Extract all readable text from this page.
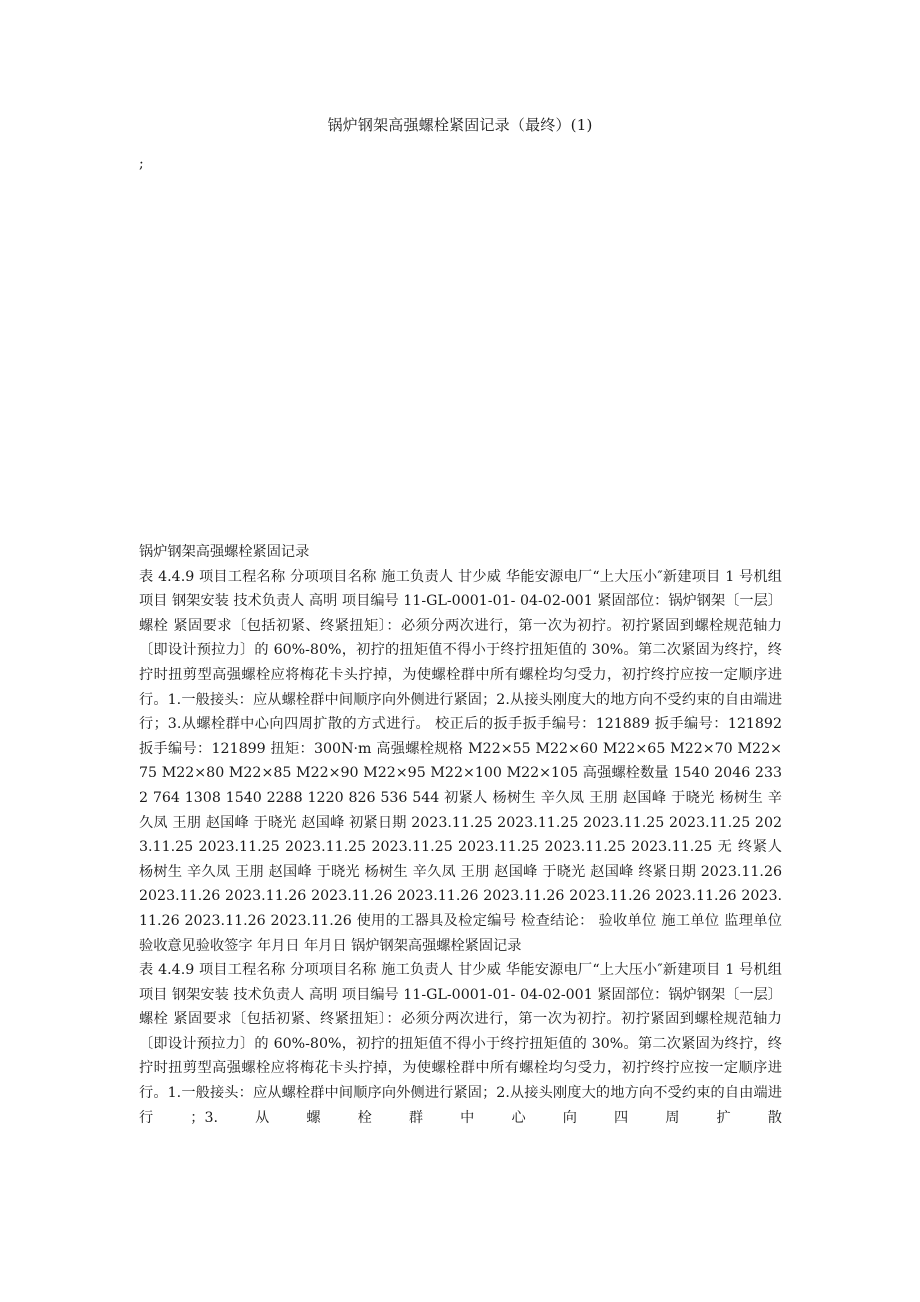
锅炉钢架高强螺栓紧固记录（最终）(1)
;
锅炉钢架高强螺栓紧固记录

表 4.4.9 项目工程名称 分项项目名称 施工负责人 甘少威 华能安源电厂“上大压小″新建项目 1 号机组项目 钢架安装 技术负责人 高明 项目编号 11-GL-0001-01- 04-02-001 紧固部位：锅炉钢架〔一层〕螺栓 紧固要求〔包括初紧、终紧扭矩〕：必须分两次进行，第一次为初拧。初拧紧固到螺栓规范轴力〔即设计预拉力〕的 60%-80%，初拧的扭矩值不得小于终拧扭矩值的 30%。第二次紧固为终拧，终拧时扭剪型高强螺栓应将梅花卡头拧掉，为使螺栓群中所有螺栓均匀受力，初拧终拧应按一定顺序进行。1.一般接头：应从螺栓群中间顺序向外侧进行紧固；2.从接头刚度大的地方向不受约束的自由端进行；3.从螺栓群中心向四周扩散的方式进行。 校正后的扳手扳手编号：121889 扳手编号：121892 扳手编号：121899 扭矩：300N·m 高强螺栓规格 M22×55 M22×60 M22×65 M22×70 M22×75 M22×80 M22×85 M22×90 M22×95 M22×100 M22×105 高强螺栓数量 1540 2046 2332 764 1308 1540 2288 1220 826 536 544 初紧人 杨树生 辛久凤 王朋 赵国峰 于晓光 杨树生 辛久凤 王朋 赵国峰 于晓光 赵国峰 初紧日期 2023.11.25 2023.11.25 2023.11.25 2023.11.25 2023.11.25 2023.11.25 2023.11.25 2023.11.25 2023.11.25 2023.11.25 2023.11.25 无 终紧人 杨树生 辛久凤 王朋 赵国峰 于晓光 杨树生 辛久凤 王朋 赵国峰 于晓光 赵国峰 终紧日期 2023.11.26 2023.11.26 2023.11.26 2023.11.26 2023.11.26 2023.11.26 2023.11.26 2023.11.26 2023.11.26 2023.11.26 2023.11.26 使用的工器具及检定编号 检查结论： 验收单位 施工单位 监理单位 验收意见验收签字 年月日 年月日 锅炉钢架高强螺栓紧固记录

表 4.4.9 项目工程名称 分项项目名称 施工负责人 甘少威 华能安源电厂“上大压小″新建项目 1 号机组项目 钢架安装 技术负责人 高明 项目编号 11-GL-0001-01- 04-02-001 紧固部位：锅炉钢架〔一层〕螺栓 紧固要求〔包括初紧、终紧扭矩〕：必须分两次进行，第一次为初拧。初拧紧固到螺栓规范轴力〔即设计预拉力〕的 60%-80%，初拧的扭矩值不得小于终拧扭矩值的 30%。第二次紧固为终拧，终拧时扭剪型高强螺栓应将梅花卡头拧掉，为使螺栓群中所有螺栓均匀受力，初拧终拧应按一定顺序进行。1.一般接头：应从螺栓群中间顺序向外侧进行紧固；2.从接头刚度大的地方向不受约束的自由端进行；3.从螺栓群中心向四周扩散
